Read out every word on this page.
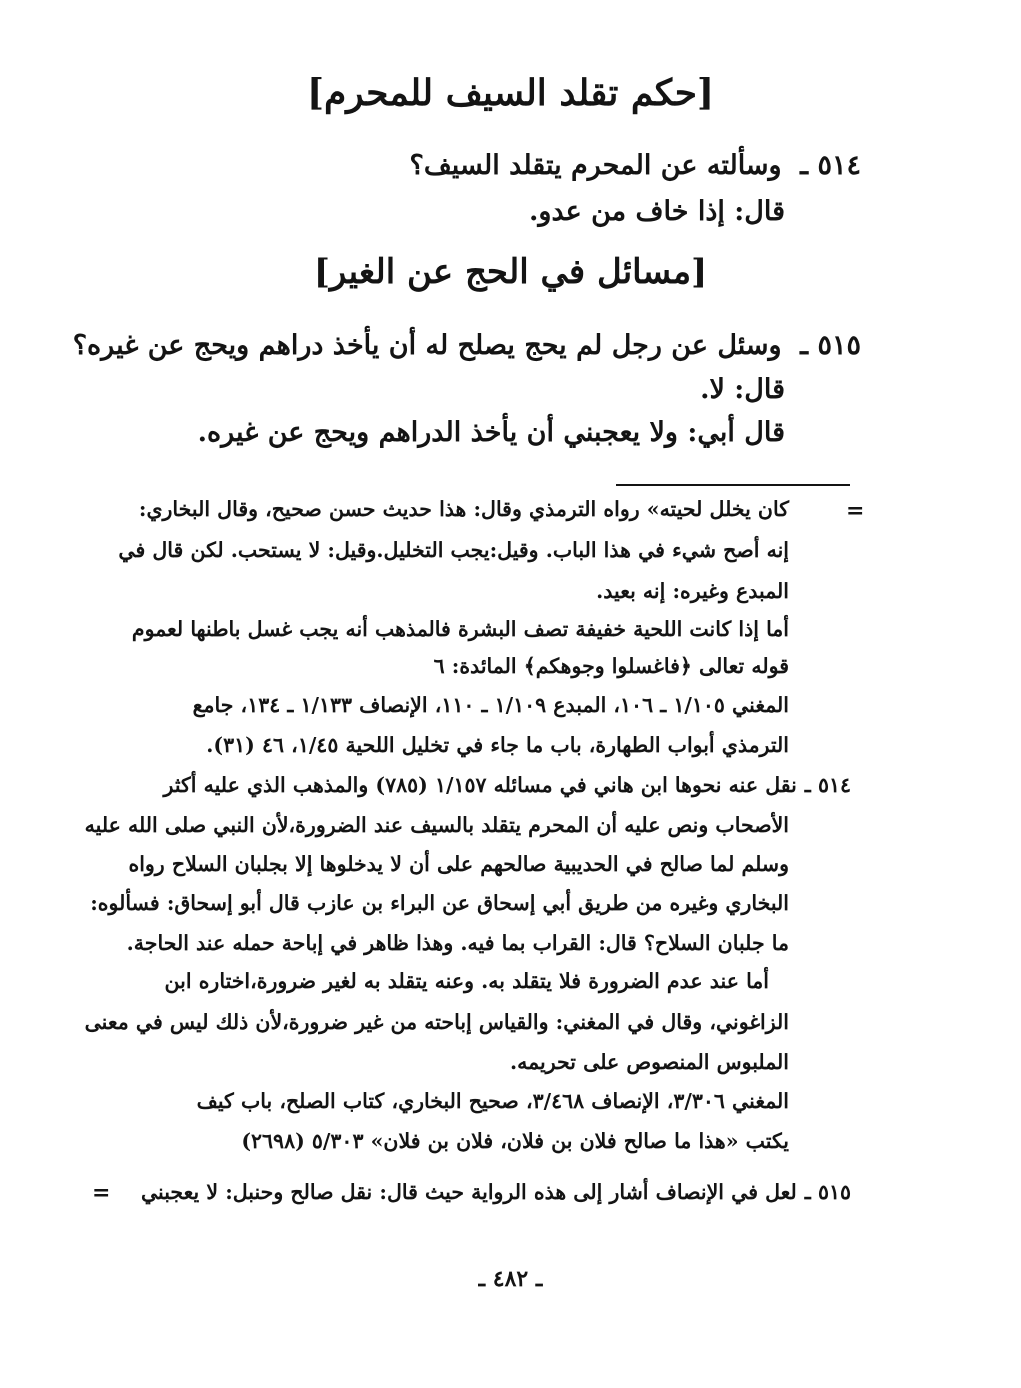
[حكم تقلد السيف للمحرم]
٥١٤ ـ وسألته عن المحرم يتقلد السيف؟
قال: إذا خاف من عدو.
[مسائل في الحج عن الغير]
٥١٥ ـ وسئل عن رجل لم يحج يصلح له أن يأخذ دراهم ويحج عن غيره؟
قال: لا.
قال أبي: ولا يعجبني أن يأخذ الدراهم ويحج عن غيره.
=
كان يخلل لحيته» رواه الترمذي وقال: هذا حديث حسن صحيح، وقال البخاري:
إنه أصح شيء في هذا الباب. وقيل:يجب التخليل.وقيل: لا يستحب. لكن قال في
المبدع وغيره: إنه بعيد.
أما إذا كانت اللحية خفيفة تصف البشرة فالمذهب أنه يجب غسل باطنها لعموم
قوله تعالى ﴿فاغسلوا وجوهكم﴾ المائدة: ٦
المغني ١/١٠٥ ـ ١٠٦، المبدع ١/١٠٩ ـ ١١٠، الإنصاف ١/١٣٣ ـ ١٣٤، جامع
الترمذي أبواب الطهارة، باب ما جاء في تخليل اللحية ١/٤٥، ٤٦ (٣١).
٥١٤ ـنقل عنه نحوها ابن هاني في مسائله ١/١٥٧ (٧٨٥) والمذهب الذي عليه أكثر
الأصحاب ونص عليه أن المحرم يتقلد بالسيف عند الضرورة،لأن النبي صلى الله عليه
وسلم لما صالح في الحديبية صالحهم على أن لا يدخلوها إلا بجلبان السلاح رواه
البخاري وغيره من طريق أبي إسحاق عن البراء بن عازب قال أبو إسحاق: فسألوه:
ما جلبان السلاح؟ قال: القراب بما فيه. وهذا ظاهر في إباحة حمله عند الحاجة.
أما عند عدم الضرورة فلا يتقلد به. وعنه يتقلد به لغير ضرورة،اختاره ابن
الزاغوني، وقال في المغني: والقياس إباحته من غير ضرورة،لأن ذلك ليس في معنى
الملبوس المنصوص على تحريمه.
المغني ٣/٣٠٦، الإنصاف ٣/٤٦٨، صحيح البخاري، كتاب الصلح، باب كيف
يكتب «هذا ما صالح فلان بن فلان، فلان بن فلان» ٥/٣٠٣ (٢٦٩٨)
٥١٥ ـلعل في الإنصاف أشار إلى هذه الرواية حيث قال: نقل صالح وحنبل: لا يعجبني
=
ـ ٤٨٢ ـ
